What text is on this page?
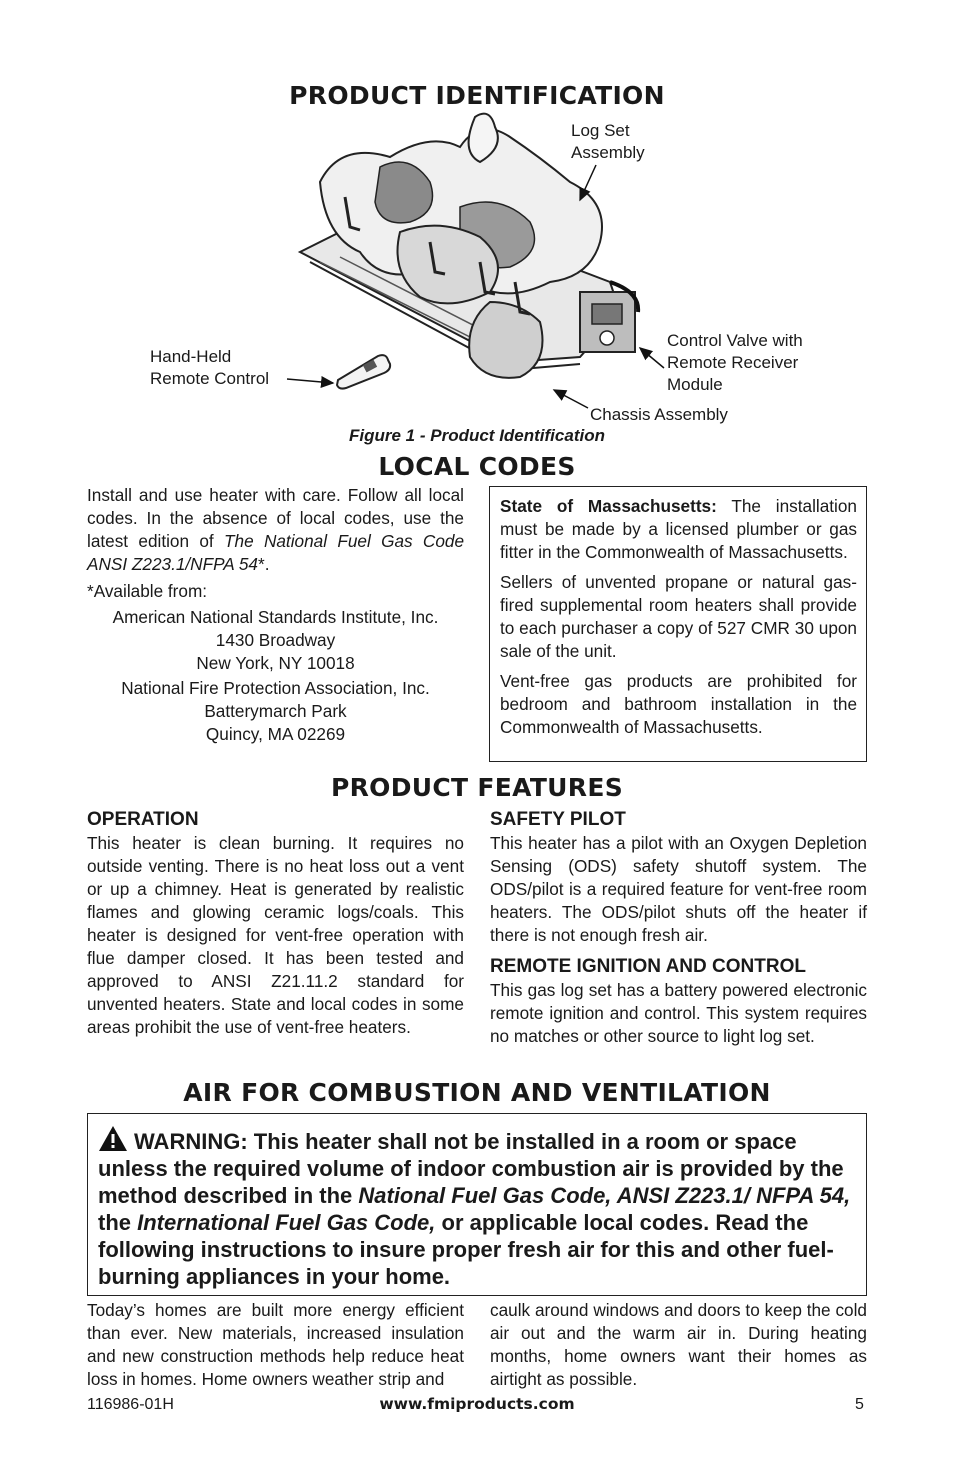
PRODUCT IDENTIFICATION
Log Set
Assembly
Control Valve with
Remote Receiver
Module
Hand-Held
Remote Control
Chassis Assembly
Figure 1 - Product Identification
LOCAL CODES

Install and use heater with care. Follow all local codes. In the absence of local codes, use the latest edition of The National Fuel Gas Code ANSI Z223.1/NFPA 54*.

*Available from:

American National Standards Institute, Inc.
1430 Broadway
New York, NY 10018
National Fire Protection Association, Inc.
Batterymarch Park
Quincy, MA 02269

State of Massachusetts: The installation must be made by a licensed plumber or gas fitter in the Commonwealth of Massachusetts.

Sellers of unvented propane or natural gas-fired supplemental room heaters shall provide to each purchaser a copy of 527 CMR 30 upon sale of the unit.

Vent-free gas products are prohibited for bedroom and bathroom installation in the Commonwealth of Massachusetts.

PRODUCT FEATURES

OPERATION

This heater is clean burning. It requires no outside venting. There is no heat loss out a vent or up a chimney. Heat is generated by realistic flames and glowing ceramic logs/coals. This heater is designed for vent-free operation with flue damper closed. It has been tested and approved to ANSI Z21.11.2 standard for unvented heaters. State and local codes in some areas prohibit the use of vent-free heaters.

SAFETY PILOT

This heater has a pilot with an Oxygen Depletion Sensing (ODS) safety shutoff system. The ODS/pilot is a required feature for vent-free room heaters. The ODS/pilot shuts off the heater if there is not enough fresh air.

REMOTE IGNITION AND CONTROL

This gas log set has a battery powered electronic remote ignition and control. This system requires no matches or other source to light log set.

AIR FOR COMBUSTION AND VENTILATION
WARNING: This heater shall not be installed in a room or space unless the required volume of indoor combustion air is provided by the method described in the National Fuel Gas Code, ANSI Z223.1/ NFPA 54, the International Fuel Gas Code, or applicable local codes. Read the following instructions to insure proper fresh air for this and other fuel-burning appliances in your home.

Today’s homes are built more energy efficient than ever. New materials, increased insulation and new construction methods help reduce heat loss in homes. Home owners weather strip and

caulk around windows and doors to keep the cold air out and the warm air in. During heating months, home owners want their homes as airtight as possible.

116986-01H	www.fmiproducts.com	5
